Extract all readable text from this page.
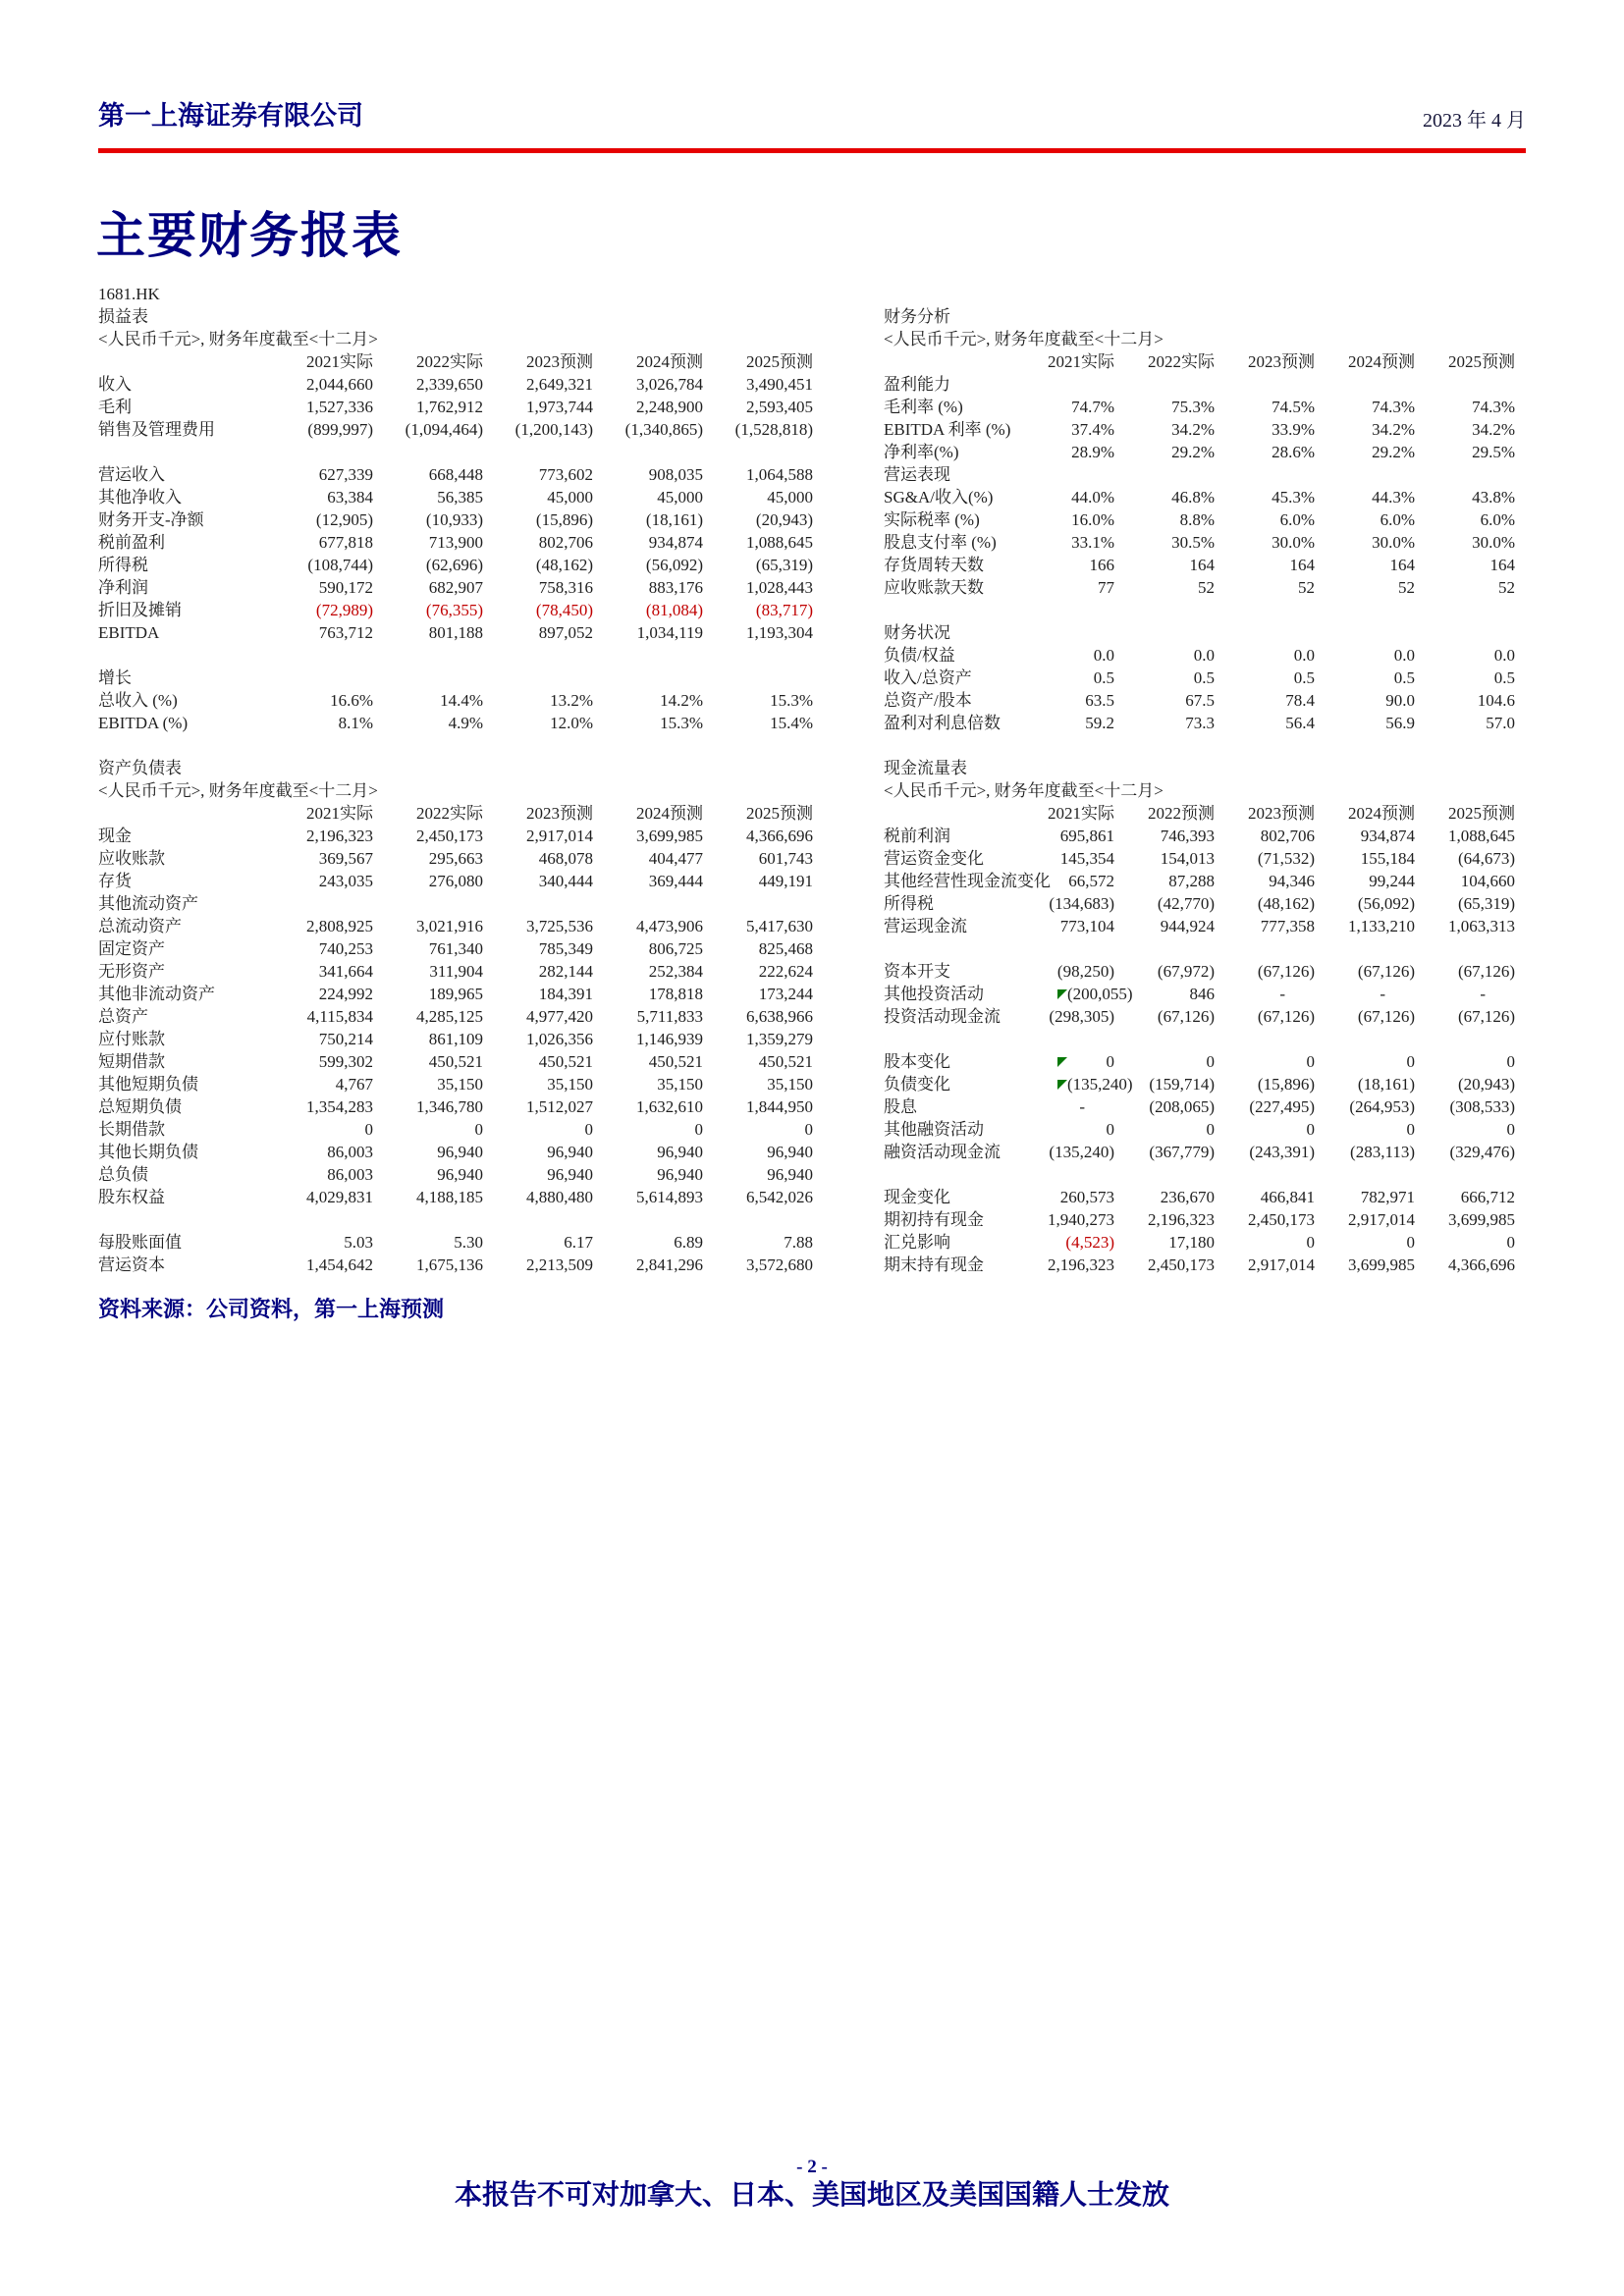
第一上海证券有限公司	2023 年 4 月
主要财务报表
1681.HK					
损益表					
<人民币千元>, 财务年度截至<十二月>					
	2021实际	2022实际	2023预测	2024预测	2025预测
收入	2,044,660	2,339,650	2,649,321	3,026,784	3,490,451
毛利	1,527,336	1,762,912	1,973,744	2,248,900	2,593,405
销售及管理费用	(899,997)	(1,094,464)	(1,200,143)	(1,340,865)	(1,528,818)

营运收入	627,339	668,448	773,602	908,035	1,064,588
其他净收入	63,384	56,385	45,000	45,000	45,000
财务开支-净额	(12,905)	(10,933)	(15,896)	(18,161)	(20,943)
税前盈利	677,818	713,900	802,706	934,874	1,088,645
所得税	(108,744)	(62,696)	(48,162)	(56,092)	(65,319)
净利润	590,172	682,907	758,316	883,176	1,028,443
折旧及摊销	(72,989)	(76,355)	(78,450)	(81,084)	(83,717)
EBITDA	763,712	801,188	897,052	1,034,119	1,193,304

增长					
总收入 (%)	16.6%	14.4%	13.2%	14.2%	15.3%
EBITDA (%)	8.1%	4.9%	12.0%	15.3%	15.4%

资产负债表					
<人民币千元>, 财务年度截至<十二月>					
	2021实际	2022实际	2023预测	2024预测	2025预测
现金	2,196,323	2,450,173	2,917,014	3,699,985	4,366,696
应收账款	369,567	295,663	468,078	404,477	601,743
存货	243,035	276,080	340,444	369,444	449,191
其他流动资产					
总流动资产	2,808,925	3,021,916	3,725,536	4,473,906	5,417,630
固定资产	740,253	761,340	785,349	806,725	825,468
无形资产	341,664	311,904	282,144	252,384	222,624
其他非流动资产	224,992	189,965	184,391	178,818	173,244
总资产	4,115,834	4,285,125	4,977,420	5,711,833	6,638,966
应付账款	750,214	861,109	1,026,356	1,146,939	1,359,279
短期借款	599,302	450,521	450,521	450,521	450,521
其他短期负债	4,767	35,150	35,150	35,150	35,150
总短期负债	1,354,283	1,346,780	1,512,027	1,632,610	1,844,950
长期借款	0	0	0	0	0
其他长期负债	86,003	96,940	96,940	96,940	96,940
总负债	86,003	96,940	96,940	96,940	96,940
股东权益	4,029,831	4,188,185	4,880,480	5,614,893	6,542,026

每股账面值	5.03	5.30	6.17	6.89	7.88
营运资本	1,454,642	1,675,136	2,213,509	2,841,296	3,572,680
资料来源：公司资料，第一上海预测
财务分析					
<人民币千元>, 财务年度截至<十二月>					
	2021实际	2022实际	2023预测	2024预测	2025预测
盈利能力					
毛利率 (%)	74.7%	75.3%	74.5%	74.3%	74.3%
EBITDA 利率 (%)	37.4%	34.2%	33.9%	34.2%	34.2%
净利率(%)	28.9%	29.2%	28.6%	29.2%	29.5%
营运表现					
SG&A/收入(%)	44.0%	46.8%	45.3%	44.3%	43.8%
实际税率 (%)	16.0%	8.8%	6.0%	6.0%	6.0%
股息支付率 (%)	33.1%	30.5%	30.0%	30.0%	30.0%
存货周转天数	166	164	164	164	164
应收账款天数	77	52	52	52	52

财务状况					
负债/权益	0.0	0.0	0.0	0.0	0.0
收入/总资产	0.5	0.5	0.5	0.5	0.5
总资产/股本	63.5	67.5	78.4	90.0	104.6
盈利对利息倍数	59.2	73.3	56.4	56.9	57.0

现金流量表					
<人民币千元>, 财务年度截至<十二月>					
	2021实际	2022预测	2023预测	2024预测	2025预测
税前利润	695,861	746,393	802,706	934,874	1,088,645
营运资金变化	145,354	154,013	(71,532)	155,184	(64,673)
其他经营性现金流变化	66,572	87,288	94,346	99,244	104,660
所得税	(134,683)	(42,770)	(48,162)	(56,092)	(65,319)
营运现金流	773,104	944,924	777,358	1,133,210	1,063,313

资本开支	(98,250)	(67,972)	(67,126)	(67,126)	(67,126)
其他投资活动	(200,055)	846	-	-	-
投资活动现金流	(298,305)	(67,126)	(67,126)	(67,126)	(67,126)

股本变化	0	0	0	0	0
负债变化	(135,240)	(159,714)	(15,896)	(18,161)	(20,943)
股息	-	(208,065)	(227,495)	(264,953)	(308,533)
其他融资活动	0	0	0	0	0
融资活动现金流	(135,240)	(367,779)	(243,391)	(283,113)	(329,476)

现金变化	260,573	236,670	466,841	782,971	666,712
期初持有现金	1,940,273	2,196,323	2,450,173	2,917,014	3,699,985
汇兑影响	(4,523)	17,180	0	0	0
期末持有现金	2,196,323	2,450,173	2,917,014	3,699,985	4,366,696
- 2 -
本报告不可对加拿大、日本、美国地区及美国国籍人士发放
